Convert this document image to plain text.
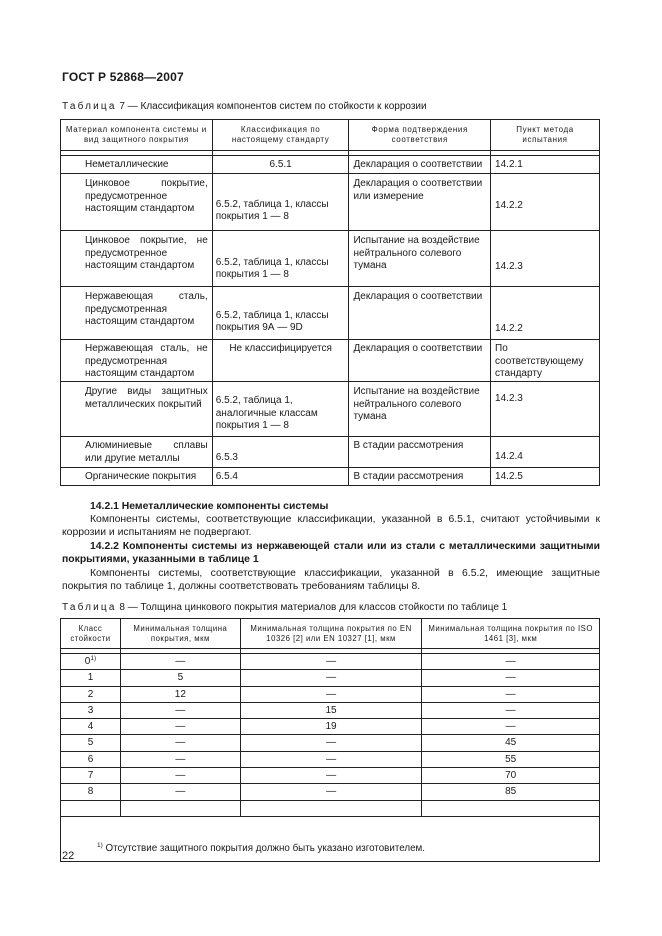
ГОСТ Р 52868—2007
Таблица 7 — Классификация компонентов систем по стойкости к коррозии
Материал компонента системы и вид защитного покрытия	Классификация по настоящему стандарту	Форма подтверждения соответствия	Пункт метода испытания

Неметаллические	6.5.1	Декларация о соответствии	14.2.1
Цинковое покрытие, предусмотренное настоящим стандартом	6.5.2, таблица 1, классы покрытия 1 — 8	Декларация о соответствии или измерение	14.2.2
Цинковое покрытие, не предусмотренное настоящим стандартом	6.5.2, таблица 1, классы покрытия 1 — 8	Испытание на воздействие нейтрального солевого тумана	14.2.3
Нержавеющая сталь, предусмотренная настоящим стандартом	6.5.2, таблица 1, классы покрытия 9А — 9D	Декларация о соответствии	14.2.2
Нержавеющая сталь, не предусмотренная настоящим стандартом	Не классифицируется	Декларация о соответствии	По соответствующему стандарту
Другие виды защитных металлических покрытий	6.5.2, таблица 1, аналогичные классам покрытия 1 — 8	Испытание на воздействие нейтрального солевого тумана	14.2.3
Алюминиевые сплавы или другие металлы	6.5.3	В стадии рассмотрения	14.2.4
Органические покрытия	6.5.4	В стадии рассмотрения	14.2.5
14.2.1 Неметаллические компоненты системы
Компоненты системы, соответствующие классификации, указанной в 6.5.1, считают устойчивыми к коррозии и испытаниям не подвергают.
14.2.2 Компоненты системы из нержавеющей стали или из стали с металлическими защитными покрытиями, указанными в таблице 1
Компоненты системы, соответствующие классификации, указанной в 6.5.2, имеющие защитные покрытия по таблице 1, должны соответствовать требованиям таблицы 8.
Таблица 8 — Толщина цинкового покрытия материалов для классов стойкости по таблице 1
Класс стойкости	Минимальная толщина покрытия, мкм	Минимальная толщина покрытия по EN 10326 [2] или EN 10327 [1], мкм	Минимальная толщина покрытия по ISO 1461 [3], мкм

0$^{1)}$	—	—	—
1	5	—	—
2	12	—	—
3	—	15	—
4	—	19	—
5	—	—	45
6	—	—	55
7	—	—	70
8	—	—	85

$^{1)}$ Отсутствие защитного покрытия должно быть указано изготовителем.			
22
